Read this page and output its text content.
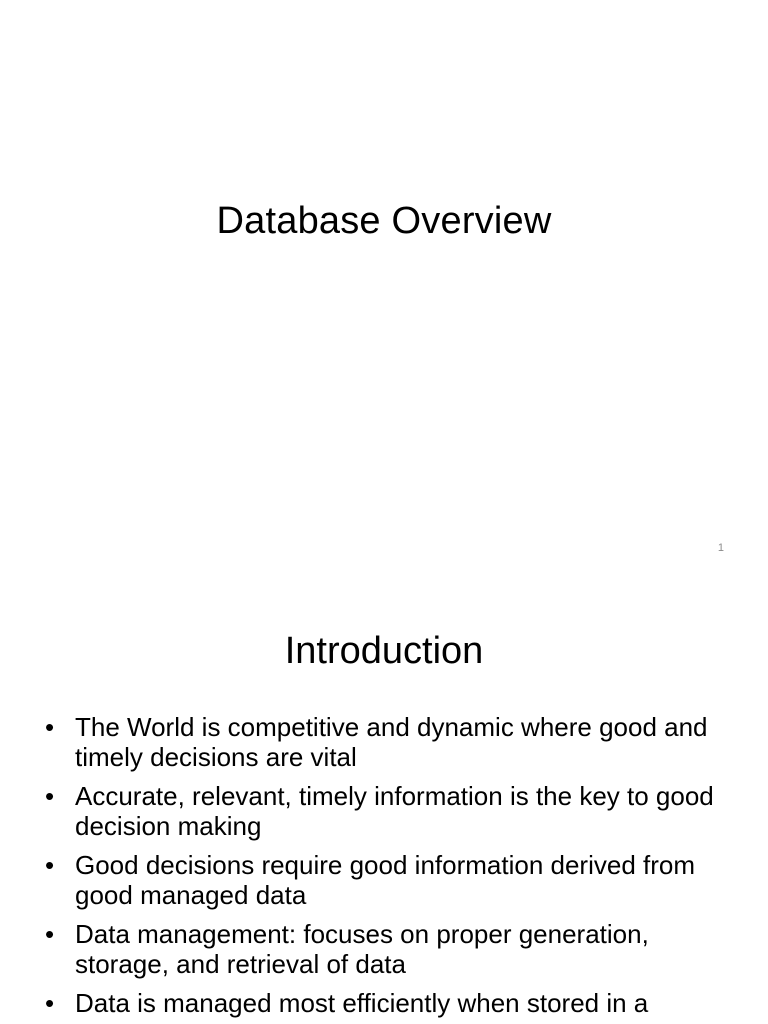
Database Overview
1
Introduction
• The World is competitive and dynamic where good and timely decisions are vital
• Accurate, relevant, timely information is the key to good decision making
• Good decisions require good information derived from good managed data
• Data management: focuses on proper generation, storage, and retrieval of data
• Data is managed most efficiently when stored in a
